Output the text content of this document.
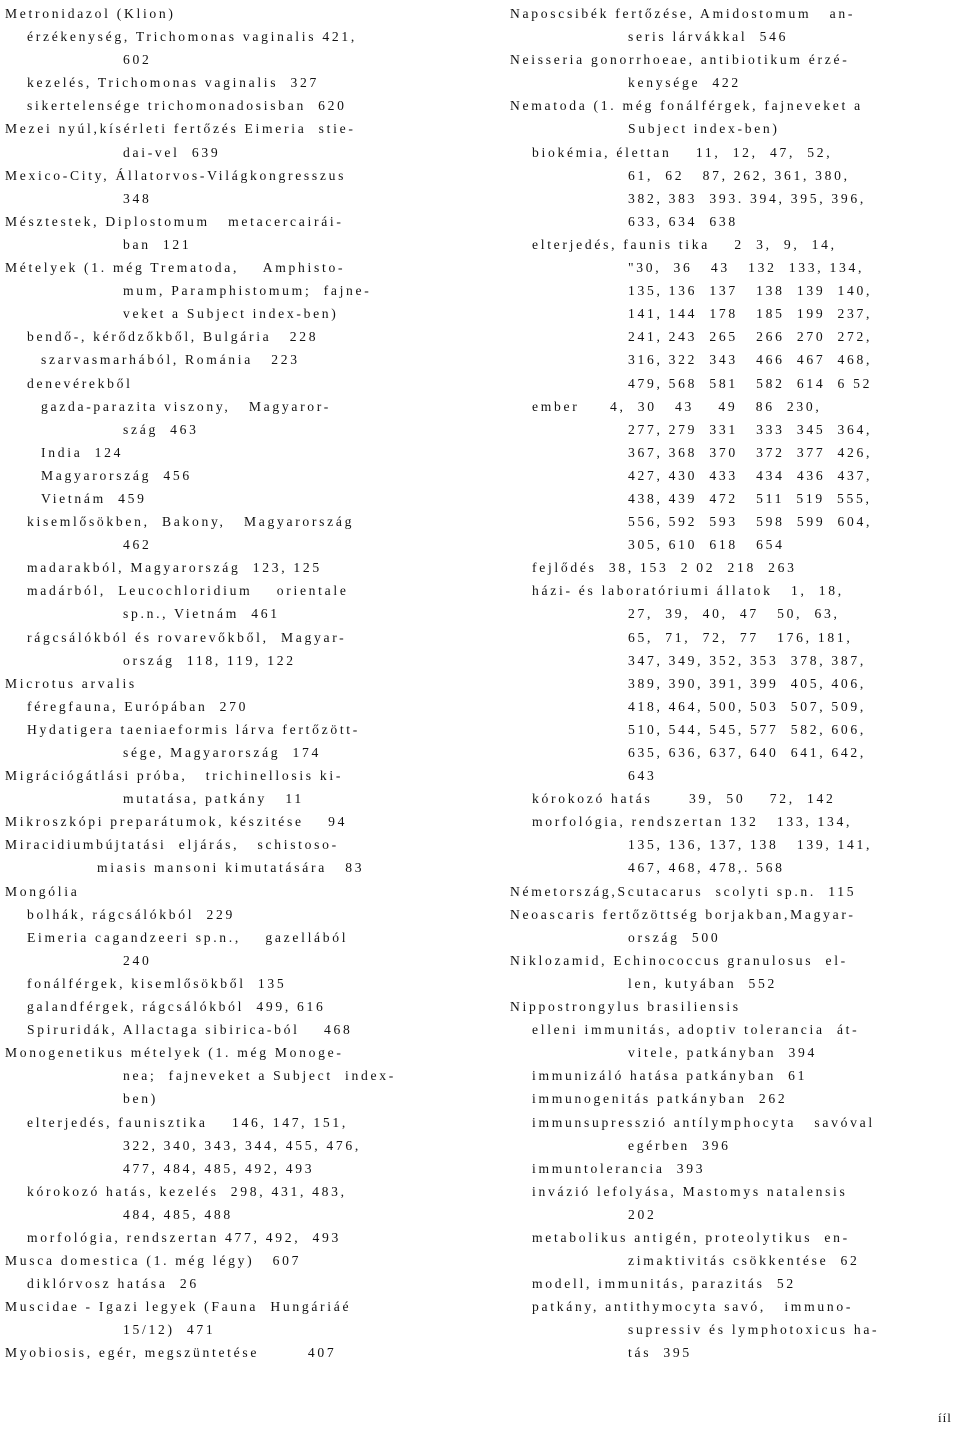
Metronidazol (Klion)
érzékenység, Trichomonas vaginalis 421,
602
kezelés, Trichomonas vaginalis  327
sikertelensége trichomonadosisban  620
Mezei nyúl,kísérleti fertőzés Eimeria  stie-
dai-vel  639
Mexico-City, Állatorvos-Világkongresszus
348
Mésztestek, Diplostomum   metacercairái-
ban  121
Mételyek (1. még Trematoda,    Amphisto-
mum, Paramphistomum;  fajne-
veket a Subject index-ben)
bendő-, kérődzőkből, Bulgária   228
szarvasmarhából, Románia   223
denevérekből
gazda-parazita viszony,   Magyaror-
szág  463
India  124
Magyarország  456
Vietnám  459
kisemlősökben,  Bakony,   Magyarország
462
madarakból, Magyarország  123, 125
madárból,  Leucochloridium    orientale
sp.n., Vietnám  461
rágcsálókból és rovarevőkből,  Magyar-
ország  118, 119, 122
Microtus arvalis
féregfauna, Európában  270
Hydatigera taeniaeformis lárva fertőzött-
sége, Magyarország  174
Migrációgátlási próba,   trichinellosis ki-
mutatása, patkány   11
Mikroszkópi preparátumok, készitése    94
Miracidiumbújtatási  eljárás,   schistoso-
miasis mansoni kimutatására   83
Mongólia
bolhák, rágcsálókból  229
Eimeria cagandzeeri sp.n.,    gazellából
240
fonálférgek, kisemlősökből  135
galandférgek, rágcsálókból  499, 616
Spiruridák, Allactaga sibirica-ból    468
Monogenetikus mételyek (1. még Monoge-
nea;  fajneveket a Subject  index-
ben)
elterjedés, faunisztika    146, 147, 151,
322, 340, 343, 344, 455, 476,
477, 484, 485, 492, 493
kórokozó hatás, kezelés  298, 431, 483,
484, 485, 488
morfológia, rendszertan 477, 492,  493
Musca domestica (1. még légy)   607
diklórvosz hatása  26
Muscidae - Igazi legyek (Fauna  Hungáriáé
15/12)  471
Myobiosis, egér, megszüntetése        407
Naposcsibék fertőzése, Amidostomum   an-
seris lárvákkal  546
Neisseria gonorrhoeae, antibiotikum érzé-
kenysége  422
Nematoda (1. még fonálférgek, fajneveket a
Subject index-ben)
biokémia, élettan    11,  12,  47,  52,
61,  62   87, 262, 361, 380,
382, 383  393. 394, 395, 396,
633, 634  638
elterjedés, faunis tika    2  3,  9,  14,
"30,  36   43   132  133, 134,
135, 136  137   138  139  140,
141, 144  178   185  199  237,
241, 243  265   266  270  272,
316, 322  343   466  467  468,
479, 568  581   582  614  6 52
ember     4,  30   43    49   86  230,
277, 279  331   333  345  364,
367, 368  370   372  377  426,
427, 430  433   434  436  437,
438, 439  472   511  519  555,
556, 592  593   598  599  604,
305, 610  618   654
fejlődés  38, 153  2 02  218  263
házi- és laboratóriumi állatok   1,  18,
27,  39,  40,  47   50,  63,
65,  71,  72,  77   176, 181,
347, 349, 352, 353  378, 387,
389, 390, 391, 399  405, 406,
418, 464, 500, 503  507, 509,
510, 544, 545, 577  582, 606,
635, 636, 637, 640  641, 642,
643
kórokozó hatás      39,  50    72,  142
morfológia, rendszertan 132   133, 134,
135, 136, 137, 138   139, 141,
467, 468, 478,. 568
Németország,Scutacarus  scolyti sp.n.  115
Neoascaris fertőzöttség borjakban,Magyar-
ország  500
Niklozamid, Echinococcus granulosus  el-
len, kutyában  552
Nippostrongylus brasiliensis
elleni immunitás, adoptiv tolerancia  át-
vitele, patkányban  394
immunizáló hatása patkányban  61
immunogenitás patkányban  262
immunsupresszió antílymphocyta   savóval
egérben  396
immuntolerancia  393
invázió lefolyása, Mastomys natalensis
202
metabolikus antigén, proteolytikus  en-
zimaktivitás csökkentése  62
modell, immunitás, parazitás  52
patkány, antithymocyta savó,   immuno-
supressiv és lymphotoxicus ha-
tás  395
ííl
